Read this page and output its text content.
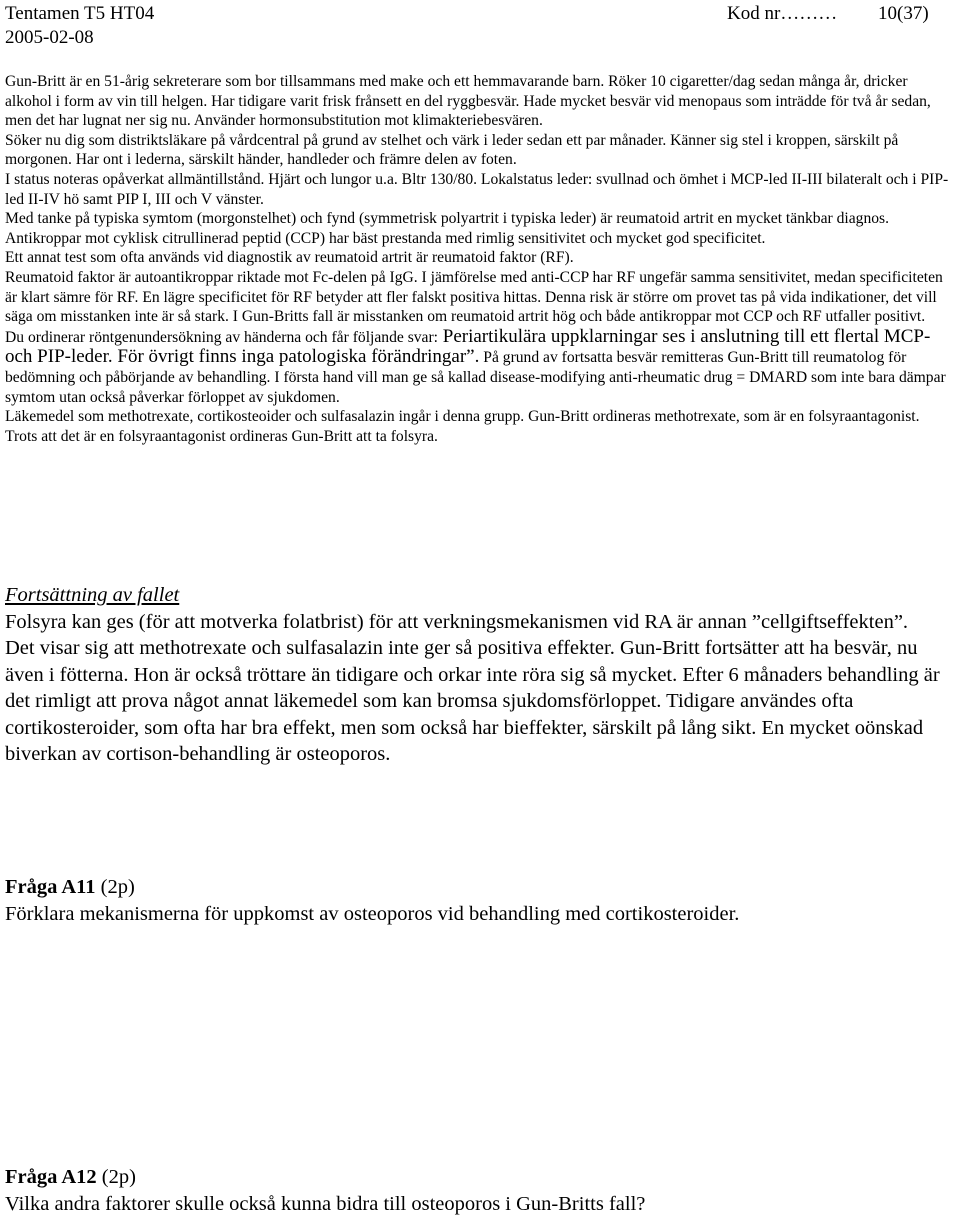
Tentamen T5 HT04
2005-02-08
Kod nr……… 10(37)

Gun-Britt är en 51-årig sekreterare som bor tillsammans med make och ett hemmavarande barn. Röker 10 cigaretter/dag sedan många år, dricker alkohol i form av vin till helgen. Har tidigare varit frisk frånsett en del ryggbesvär. Hade mycket besvär vid menopaus som inträdde för två år sedan, men det har lugnat ner sig nu. Använder hormonsubstitution mot klimakteriebesvären.

Söker nu dig som distriktsläkare på vårdcentral på grund av stelhet och värk i leder sedan ett par månader. Känner sig stel i kroppen, särskilt på morgonen. Har ont i lederna, särskilt händer, handleder och främre delen av foten.

I status noteras opåverkat allmäntillstånd. Hjärt och lungor u.a. Bltr 130/80. Lokalstatus leder: svullnad och ömhet i MCP-led II-III bilateralt och i PIP-led II-IV hö samt PIP I, III och V vänster.

Med tanke på typiska symtom (morgonstelhet) och fynd (symmetrisk polyartrit i typiska leder) är reumatoid artrit en mycket tänkbar diagnos.

Antikroppar mot cyklisk citrullinerad peptid (CCP) har bäst prestanda med rimlig sensitivitet och mycket god specificitet.

Ett annat test som ofta används vid diagnostik av reumatoid artrit är reumatoid faktor (RF).

Reumatoid faktor är autoantikroppar riktade mot Fc-delen på IgG. I jämförelse med anti-CCP har RF ungefär samma sensitivitet, medan specificiteten är klart sämre för RF. En lägre specificitet för RF betyder att fler falskt positiva hittas. Denna risk är större om provet tas på vida indikationer, det vill säga om misstanken inte är så stark. I Gun-Britts fall är misstanken om reumatoid artrit hög och både antikroppar mot CCP och RF utfaller positivt.

Du ordinerar röntgenundersökning av händerna och får följande svar: Periartikulära uppklarningar ses i anslutning till ett flertal MCP- och PIP-leder. För övrigt finns inga patologiska förändringar”. På grund av fortsatta besvär remitteras Gun-Britt till reumatolog för bedömning och påbörjande av behandling. I första hand vill man ge så kallad disease-modifying anti-rheumatic drug = DMARD som inte bara dämpar symtom utan också påverkar förloppet av sjukdomen.

Läkemedel som methotrexate, cortikosteoider och sulfasalazin ingår i denna grupp. Gun-Britt ordineras methotrexate, som är en folsyraantagonist. Trots att det är en folsyraantagonist ordineras Gun-Britt att ta folsyra.

Fortsättning av fallet

Folsyra kan ges (för att motverka folatbrist) för att verkningsmekanismen vid RA är annan ”cellgiftseffekten”.

Det visar sig att methotrexate och sulfasalazin inte ger så positiva effekter. Gun-Britt fortsätter att ha besvär, nu även i fötterna. Hon är också tröttare än tidigare och orkar inte röra sig så mycket. Efter 6 månaders behandling är det rimligt att prova något annat läkemedel som kan bromsa sjukdomsförloppet. Tidigare användes ofta cortikosteroider, som ofta har bra effekt, men som också har bieffekter, särskilt på lång sikt. En mycket oönskad biverkan av cortison-behandling är osteoporos.

Fråga A11 (2p)

Förklara mekanismerna för uppkomst av osteoporos vid behandling med cortikosteroider.

Fråga A12 (2p)

Vilka andra faktorer skulle också kunna bidra till osteoporos i Gun-Britts fall?
